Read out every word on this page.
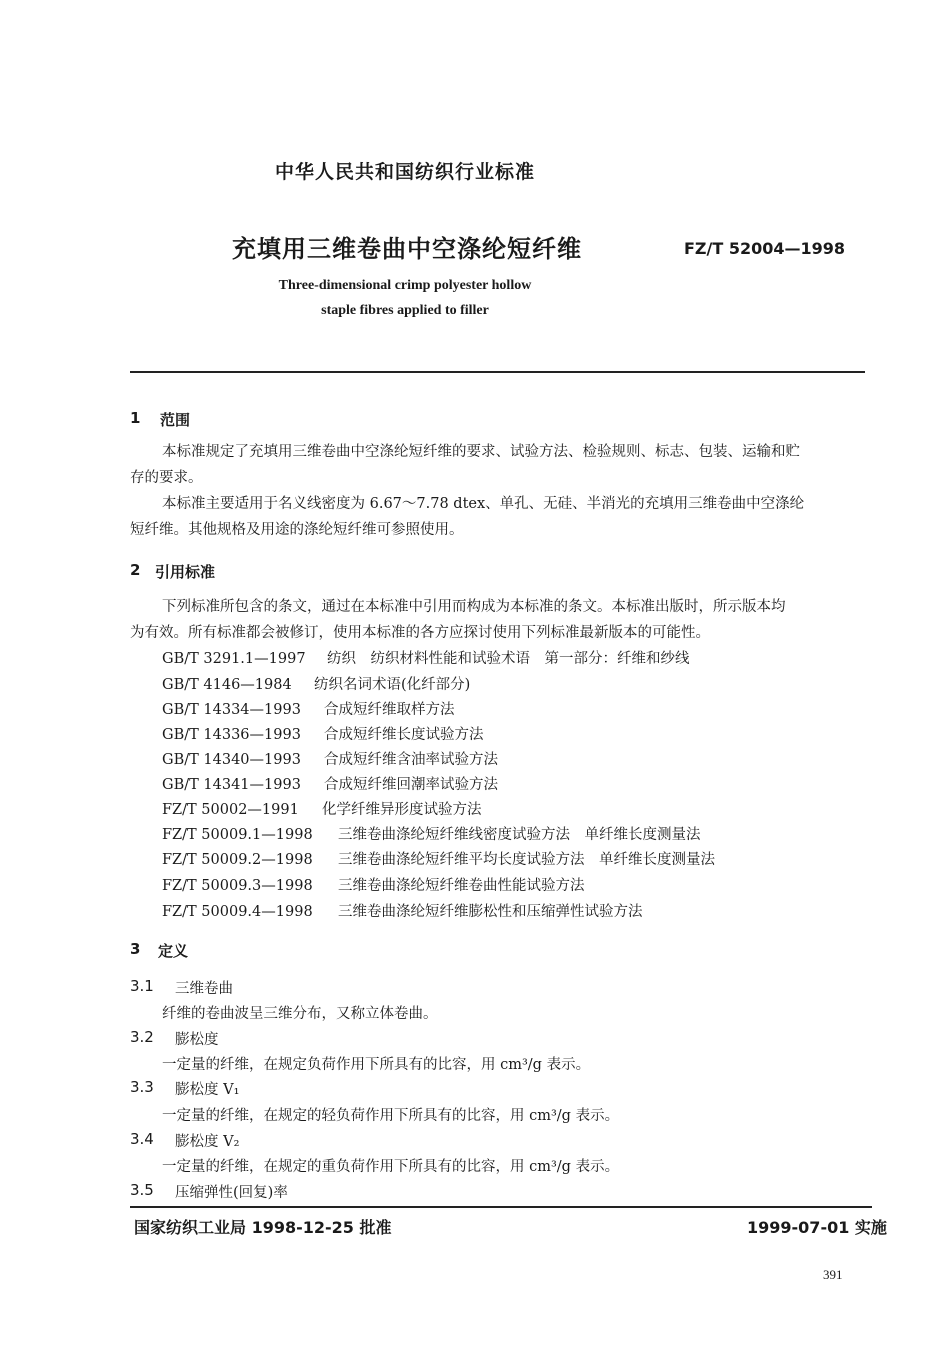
中华人民共和国纺织行业标准
充填用三维卷曲中空涤纶短纤维	FZ/T 52004—1998
Three-dimensional crimp polyester hollow
staple fibres applied to filler
1 范围
本标准规定了充填用三维卷曲中空涤纶短纤维的要求、试验方法、检验规则、标志、包装、运输和贮
存的要求。
本标准主要适用于名义线密度为 6.67～7.78 dtex、单孔、无硅、半消光的充填用三维卷曲中空涤纶
短纤维。其他规格及用途的涤纶短纤维可参照使用。
2 引用标准
下列标准所包含的条文，通过在本标准中引用而构成为本标准的条文。本标准出版时，所示版本均
为有效。所有标准都会被修订，使用本标准的各方应探讨使用下列标准最新版本的可能性。
GB/T 3291.1—1997 纺织　纺织材料性能和试验术语　第一部分：纤维和纱线
GB/T 4146—1984 纺织名词术语(化纤部分)
GB/T 14334—1993 合成短纤维取样方法
GB/T 14336—1993 合成短纤维长度试验方法
GB/T 14340—1993 合成短纤维含油率试验方法
GB/T 14341—1993 合成短纤维回潮率试验方法
FZ/T 50002—1991 化学纤维异形度试验方法
FZ/T 50009.1—1998 三维卷曲涤纶短纤维线密度试验方法　单纤维长度测量法
FZ/T 50009.2—1998 三维卷曲涤纶短纤维平均长度试验方法　单纤维长度测量法
FZ/T 50009.3—1998 三维卷曲涤纶短纤维卷曲性能试验方法
FZ/T 50009.4—1998 三维卷曲涤纶短纤维膨松性和压缩弹性试验方法
3 定义
3.1 三维卷曲
纤维的卷曲波呈三维分布，又称立体卷曲。
3.2 膨松度
一定量的纤维，在规定负荷作用下所具有的比容，用 cm³/g 表示。
3.3 膨松度 V₁
一定量的纤维，在规定的轻负荷作用下所具有的比容，用 cm³/g 表示。
3.4 膨松度 V₂
一定量的纤维，在规定的重负荷作用下所具有的比容，用 cm³/g 表示。
3.5 压缩弹性(回复)率
国家纺织工业局 1998-12-25 批准	1999-07-01 实施
391
